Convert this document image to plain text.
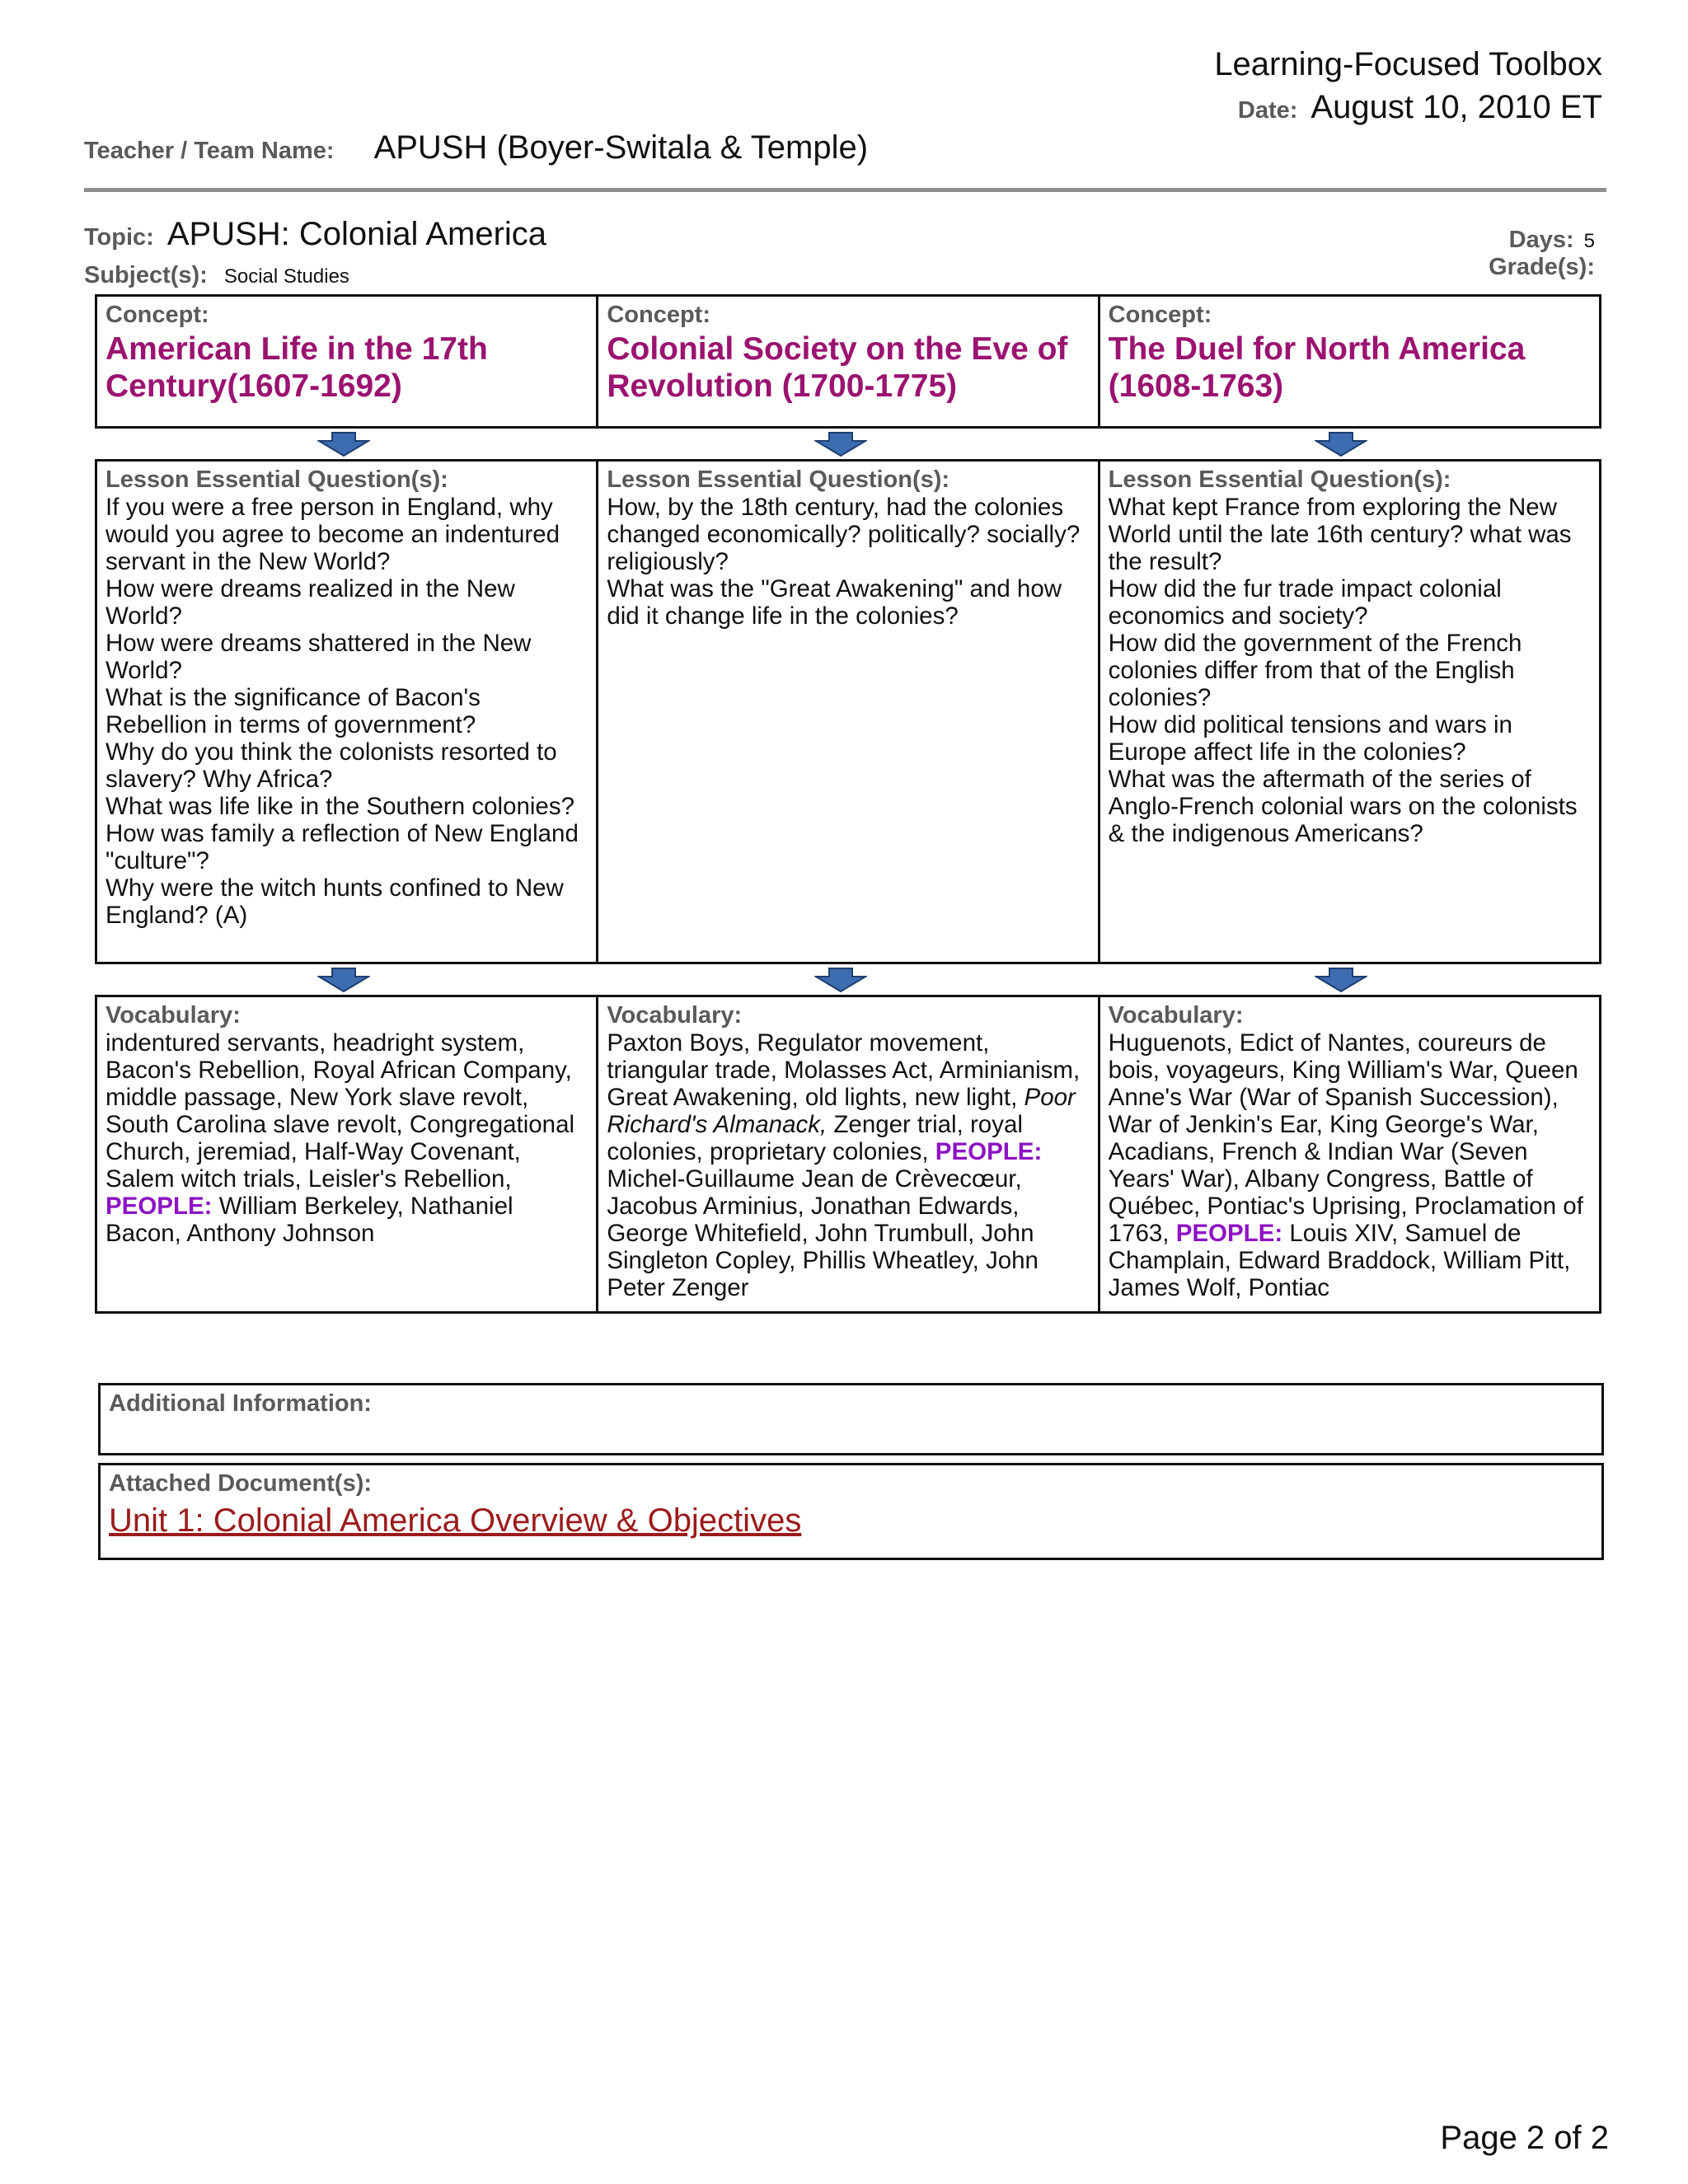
Learning-Focused Toolbox
Date: August 10, 2010 ET
Teacher / Team Name: APUSH (Boyer-Switala & Temple)
Topic: APUSH: Colonial America
Subject(s): Social Studies
Days: 5
Grade(s):
Concept:
American Life in the 17th Century(1607-1692)
Concept:
Colonial Society on the Eve of Revolution (1700-1775)
Concept:
The Duel for North America (1608-1763)
Lesson Essential Question(s):
If you were a free person in England, why would you agree to become an indentured servant in the New World?
How were dreams realized in the New World?
How were dreams shattered in the New World?
What is the significance of Bacon's Rebellion in terms of government?
Why do you think the colonists resorted to slavery? Why Africa?
What was life like in the Southern colonies?
How was family a reflection of New England "culture"?
Why were the witch hunts confined to New England? (A)
Lesson Essential Question(s):
How, by the 18th century, had the colonies changed economically? politically? socially? religiously?
What was the "Great Awakening" and how did it change life in the colonies?
Lesson Essential Question(s):
What kept France from exploring the New World until the late 16th century? what was the result?
How did the fur trade impact colonial economics and society?
How did the government of the French colonies differ from that of the English colonies?
How did political tensions and wars in Europe affect life in the colonies?
What was the aftermath of the series of Anglo-French colonial wars on the colonists & the indigenous Americans?
Vocabulary:
indentured servants, headright system, Bacon's Rebellion, Royal African Company, middle passage, New York slave revolt, South Carolina slave revolt, Congregational Church, jeremiad, Half-Way Covenant, Salem witch trials, Leisler's Rebellion, PEOPLE: William Berkeley, Nathaniel Bacon, Anthony Johnson
Vocabulary:
Paxton Boys, Regulator movement, triangular trade, Molasses Act, Arminianism, Great Awakening, old lights, new light, Poor Richard's Almanack, Zenger trial, royal colonies, proprietary colonies, PEOPLE: Michel-Guillaume Jean de Crèvecœur, Jacobus Arminius, Jonathan Edwards, George Whitefield, John Trumbull, John Singleton Copley, Phillis Wheatley, John Peter Zenger
Vocabulary:
Huguenots, Edict of Nantes, coureurs de bois, voyageurs, King William's War, Queen Anne's War (War of Spanish Succession), War of Jenkin's Ear, King George's War, Acadians, French & Indian War (Seven Years' War), Albany Congress, Battle of Québec, Pontiac's Uprising, Proclamation of 1763, PEOPLE: Louis XIV, Samuel de Champlain, Edward Braddock, William Pitt, James Wolf, Pontiac
Additional Information:
Attached Document(s):
Unit 1: Colonial America Overview & Objectives
Page 2 of 2
